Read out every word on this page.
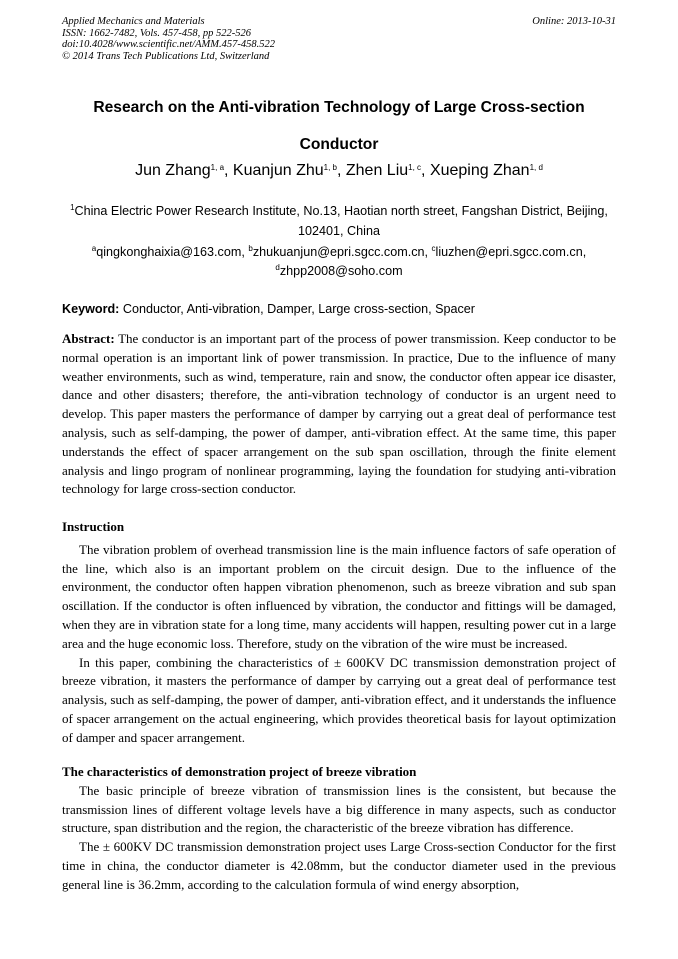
Applied Mechanics and Materials
ISSN: 1662-7482, Vols. 457-458, pp 522-526
doi:10.4028/www.scientific.net/AMM.457-458.522
© 2014 Trans Tech Publications Ltd, Switzerland
Online: 2013-10-31
Research on the Anti-vibration Technology of Large Cross-section
Conductor
Jun Zhang$^{1, a}$, Kuanjun Zhu$^{1, b}$, Zhen Liu$^{1, c}$, Xueping Zhan$^{1, d}$
$^1$China Electric Power Research Institute, No.13, Haotian north street, Fangshan District, Beijing,
102401, China
$^a$qingkonghaixia@163.com, $^b$zhukuanjun@epri.sgcc.com.cn, $^c$liuzhen@epri.sgcc.com.cn,
$^d$zhpp2008@soho.com
Keyword: Conductor, Anti-vibration, Damper, Large cross-section, Spacer

Abstract: The conductor is an important part of the process of power transmission. Keep conductor to be normal operation is an important link of power transmission. In practice, Due to the influence of many weather environments, such as wind, temperature, rain and snow, the conductor often appear ice disaster, dance and other disasters; therefore, the anti-vibration technology of conductor is an urgent need to develop. This paper masters the performance of damper by carrying out a great deal of performance test analysis, such as self-damping, the power of damper, anti-vibration effect. At the same time, this paper understands the effect of spacer arrangement on the sub span oscillation, through the finite element analysis and lingo program of nonlinear programming, laying the foundation for studying anti-vibration technology for large cross-section conductor.

Instruction

The vibration problem of overhead transmission line is the main influence factors of safe operation of the line, which also is an important problem on the circuit design. Due to the influence of the environment, the conductor often happen vibration phenomenon, such as breeze vibration and sub span oscillation. If the conductor is often influenced by vibration, the conductor and fittings will be damaged, when they are in vibration state for a long time, many accidents will happen, resulting power cut in a large area and the huge economic loss. Therefore, study on the vibration of the wire must be increased.

In this paper, combining the characteristics of ± 600KV DC transmission demonstration project of breeze vibration, it masters the performance of damper by carrying out a great deal of performance test analysis, such as self-damping, the power of damper, anti-vibration effect, and it understands the influence of spacer arrangement on the actual engineering, which provides theoretical basis for layout optimization of damper and spacer arrangement.

The characteristics of demonstration project of breeze vibration

The basic principle of breeze vibration of transmission lines is the consistent, but because the transmission lines of different voltage levels have a big difference in many aspects, such as conductor structure, span distribution and the region, the characteristic of the breeze vibration has difference.

The ± 600KV DC transmission demonstration project uses Large Cross-section Conductor for the first time in china, the conductor diameter is 42.08mm, but the conductor diameter used in the previous general line is 36.2mm, according to the calculation formula of wind energy absorption,
